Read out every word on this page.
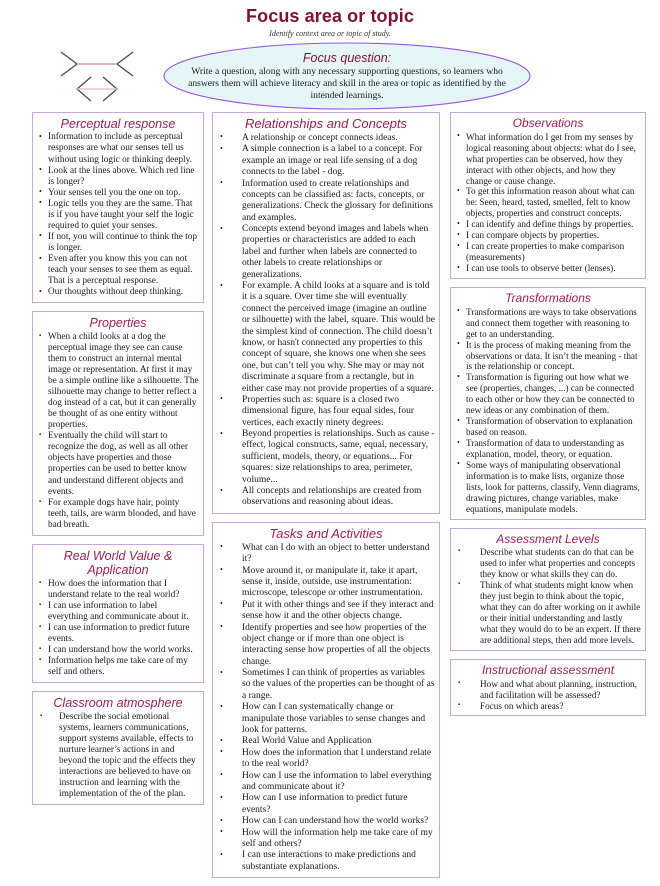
Focus area or topic
Identify context area or topic of study.
Focus question:
Write a question, along with any necessary supporting questions, so learners who answers them will achieve literacy and skill in the area or topic as identified by the intended learnings.
Perceptual response
• Information to include as perceptual responses are what our senses tell us without using logic or thinking deeply.
• Look at the lines above. Which red line is longer?
• Your senses tell you the one on top.
• Logic tells you they are the same. That is if you have taught your self the logic required to quiet your senses.
• If not, you will continue to think the top is longer.
• Even after you know this you can not teach your senses to see them as equal. That is a perceptual response.
• Our thoughts without deep thinking.
Properties
▪ When a child looks at a dog the perceptual image they see can cause them to construct an internal mental image or representation. At first it may be a simple outline like a silhouette. The silhouette may change to better reflect a dog instead of a cat, but it can generally be thought of as one entity without properties.
▪ Eventually the child will start to recognize the dog, as well as all other objects have properties and those properties can be used to better know and understand different objects and events.
▪ For example dogs have hair, pointy teeth, tails, are warm blooded, and have bad breath.
Real World Value & Application
▪ How does the information that I understand relate to the real world?
▪ I can use information to label everything and communicate about it.
▪ I can use information to predict future events.
▪ I can understand how the world works.
▪ Information helps me take care of my self and others.
Classroom atmosphere
▪ Describe the social emotional systems, learners communications, support systems available, effects to nurture learner’s actions in and beyond the topic and the effects they interactions are believed to have on instruction and learning with the implementation of the of the plan.
Relationships and Concepts
• A relationship or concept connects ideas.
• A simple connection is a label to a concept. For example an image or real life sensing of a dog connects to the label - dog.
• Information used to create relationships and concepts can be classified as: facts, concepts, or generalizations. Check the glossary for definitions and examples.
• Concepts extend beyond images and labels when properties or characteristics are added to each label and further when labels are connected to other labels to create relationships or generalizations.
• For example. A child looks at a square and is told it is a square. Over time she will eventually connect the perceived image (imagine an outline or silhouette) with the label, square. This would be the simplest kind of connection. The child doesn’t know, or hasn't connected any properties to this concept of square, she knows one when she sees one, but can’t tell you why. She may or may not discriminate a square from a rectangle, but in either case may not provide properties of a square.
• Properties such as: square is a closed two dimensional figure, has four equal sides, four vertices, each exactly ninety degrees.
• Beyond properties is relationships. Such as cause - effect, logical constructs, same, equal, necessary, sufficient, models, theory, or equations... For squares: size relationships to area, perimeter, volume...
• All concepts and relationships are created from observations and reasoning about ideas.
Tasks and Activities
• What can I do with an object to better understand it?
• Move around it, or manipulate it, take it apart, sense it, inside, outside, use instrumentation: microscope, telescope or other instrumentation.
• Put it with other things and see if they interact and sense how it and the other objects change.
• Identify properties and see how properties of the object change or if more than one object is interacting sense how properties of all the objects change.
• Sometimes I can think of properties as variables so the values of the properties can be thought of as a range.
• How can I can systematically change or manipulate those variables to sense changes and look for patterns.
• Real World Value and Application
• How does the information that I understand relate to the real world?
• How can I use the information to label everything and communicate about it?
• How can I use information to predict future events?
• How can I can understand how the world works?
• How will the information help me take care of my self and others?
• I can use interactions to make predictions and substantiate explanations.
Observations
• What information do I get from my senses by logical reasoning about objects: what do I see, what properties can be observed, how they interact with other objects, and how they change or cause change.
• To get this information reason about what can be: Seen, heard, tasted, smelled, felt to know objects, properties and construct concepts.
• I can identify and define things by properties.
• I can compare objects by properties.
• I can create properties to make comparison (measurements)
• I can use tools to observe better (lenses).
Transformations
• Transformations are ways to take observations and connect them together with reasoning to get to an understanding.
• It is the process of making meaning from the observations or data. It isn’t the meaning - that is the relationship or concept.
• Transformation is figuring out how what we see (properties, changes, ...) can be connected to each other or how they can be connected to new ideas or any combination of them.
• Transformation of observation to explanation based on reason.
• Transformation of data to understanding as explanation, model, theory, or equation.
• Some ways of manipulating observational information is to make lists, organize those lists, look for patterns, classify, Venn diagrams, drawing pictures, change variables, make equations, manipulate models.
Assessment Levels
▪ Describe what students can do that can be used to infer what properties and concepts they know or what skills they can do.
▪ Think of what students might know when they just begin to think about the topic, what they can do after working on it awhile or their initial understanding and lastly what they would do to be an expert. If there are additional steps, then add more levels.
Instructional assessment
▪ How and what about planning, instruction, and facilitation will be assessed?
▪ Focus on which areas?
